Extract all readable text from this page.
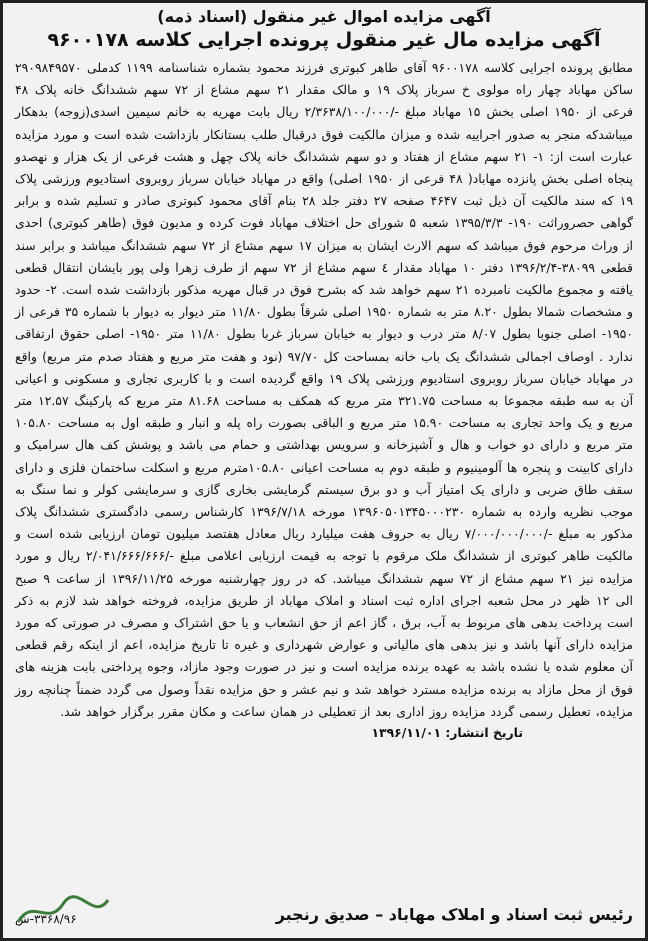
آگهی مزایده اموال غیر منقول (اسناد ذمه)

آگهی مزایده مال غیر منقول پرونده اجرایی کلاسه ۹۶۰۰۱۷۸

مطابق پرونده اجرایی کلاسه ۹۶۰۰۱۷۸ آقای طاهر کبوتری فرزند محمود بشماره شناسنامه ۱۱۹۹ کدملی ۲۹۰۹۸۴۹۵۷۰ ساکن مهاباد چهار راه مولوی خ سرباز پلاک ۱۹ و مالک مقدار ۲۱ سهم مشاع از ۷۲ سهم ششدانگ خانه پلاک ۴۸ فرعی از ۱۹۵۰ اصلی بخش ۱۵ مهاباد مبلغ -/۲/۳۶۳۸/۱۰۰/۰۰۰ ریال بابت مهریه به خانم سیمین اسدی(زوجه) بدهکار میباشدکه منجر به صدور اجراییه شده و میزان مالکیت فوق درقبال طلب بستانکار بازداشت شده است و مورد مزایده عبارت است از: ۱- ۲۱ سهم مشاع از هفتاد و دو سهم ششدانگ خانه پلاک چهل و هشت فرعی از یک هزار و نهصدو پنجاه اصلی بخش پانزده مهاباد( ۴۸ فرعی از ۱۹۵۰ اصلی) واقع در مهاباد خیابان سرباز روبروی استادیوم ورزشی پلاک ۱۹ که سند مالکیت آن ذیل ثبت ۴۶۴۷ صفحه ۲۷ دفتر جلد ۲۸ بنام آقای محمود کبوتری صادر و تسلیم شده و برابر گواهی حصروراثت ۱۹۰- ۱۳۹۵/۳/۳ شعبه ۵ شورای حل اختلاف مهاباد فوت کرده و مدیون فوق (طاهر کبوتری) احدی از وراث مرحوم فوق میباشد که سهم الارث ایشان به میزان ۱۷ سهم مشاع از ۷۲ سهم ششدانگ میباشد و برابر سند قطعی ۳۸۰۹۹-۱۳۹۶/۲/۴ دفتر ۱۰ مهاباد مقدار ٤ سهم مشاع از ۷۲ سهم از طرف زهرا ولی پور بایشان انتقال قطعی یافته و مجموع مالکیت نامبرده ۲۱ سهم خواهد شد که بشرح فوق در قبال مهریه مذکور بازداشت شده است. ۲- حدود و مشخصات شمالا بطول ۸.۲۰ متر به شماره ۱۹۵۰ اصلی شرقاً بطول ۱۱/۸۰ متر دیوار به دیوار با شماره ۳۵ فرعی از ۱۹۵۰- اصلی جنوبا بطول ۸/۰۷ متر درب و دیوار به خیابان سرباز غربا بطول ۱۱/۸۰ متر ۱۹۵۰- اصلی حقوق ارتفاقی ندارد . اوصاف اجمالی ششدانگ یک باب خانه بمساحت کل ۹۷/۷۰ (نود و هفت متر مربع و هفتاد صدم متر مربع) واقع در مهاباد خیابان سرباز روبروی استادیوم ورزشی پلاک ۱۹ واقع گردیده است و با کاربری تجاری و مسکونی و اعیانی آن به سه طبقه مجموعا به مساحت ۳۲۱.۷۵ متر مربع که همکف به مساحت ۸۱.۶۸ متر مربع که پارکینگ ۱۲.۵۷ متر مربع و یک واحد تجاری به مساحت ۱۵.۹۰ متر مربع و الباقی بصورت راه پله و انبار و طبقه اول به مساحت ۱۰۵.۸۰ متر مربع و دارای دو خواب و هال و آشپزخانه و سرویس بهداشتی و حمام می باشد و پوشش کف هال سرامیک و دارای کابینت و پنجره ها آلومینیوم و طبقه دوم به مساحت اعیانی ۱۰۵.۸۰مترم مربع و اسکلت ساختمان فلزی و دارای سقف طاق ضربی و دارای یک امتیاز آب و دو برق سیستم گرمایشی بخاری گازی و سرمایشی کولر و نما سنگ به موجب نظریه وارده به شماره ۱۳۹۶۰۵۰۱۳۴۵۰۰۰۲۳۰ مورخه ۱۳۹۶/۷/۱۸ کارشناس رسمی دادگستری ششدانگ پلاک مذکور به مبلغ -/۷/۰۰۰/۰۰۰/۰۰۰ ریال به حروف هفت میلیارد ریال معادل هفتصد میلیون تومان ارزیابی شده است و مالکیت طاهر کبوتری از ششدانگ ملک مرقوم با توجه به قیمت ارزیابی اعلامی مبلغ -/۲/۰۴۱/۶۶۶/۶۶۶ ریال و مورد مزایده نیز ۲۱ سهم مشاع از ۷۲ سهم ششدانگ میباشد. که در روز چهارشنبه مورخه ۱۳۹۶/۱۱/۲۵ از ساعت ۹ صبح الی ۱۲ ظهر در محل شعبه اجرای اداره ثبت اسناد و املاک مهاباد از طریق مزایده، فروخته خواهد شد لازم به ذکر است پرداخت بدهی های مربوط به آب، برق ، گاز اعم از حق انشعاب و یا حق اشتراک و مصرف در صورتی که مورد مزایده دارای آنها باشد و نیز بدهی های مالیاتی و عوارض شهرداری و غیره تا تاریخ مزایده، اعم از اینکه رقم قطعی آن معلوم شده یا نشده باشد به عهده برنده مزایده است و نیز در صورت وجود مازاد، وجوه پرداختی بابت هزینه های فوق از محل مازاد به برنده مزایده مسترد خواهد شد و نیم عشر و حق مزایده نقداً وصول می گردد ضمناً چنانچه روز مزایده، تعطیل رسمی گردد مزایده روز اداری بعد از تعطیلی در همان ساعت و مکان مقرر برگزار خواهد شد.

تاریخ انتشار: ۱۳۹۶/۱۱/۰۱

رئیس ثبت اسناد و املاک مهاباد – صدیق رنجبر
۳۳۶۸/۹۶-ش
